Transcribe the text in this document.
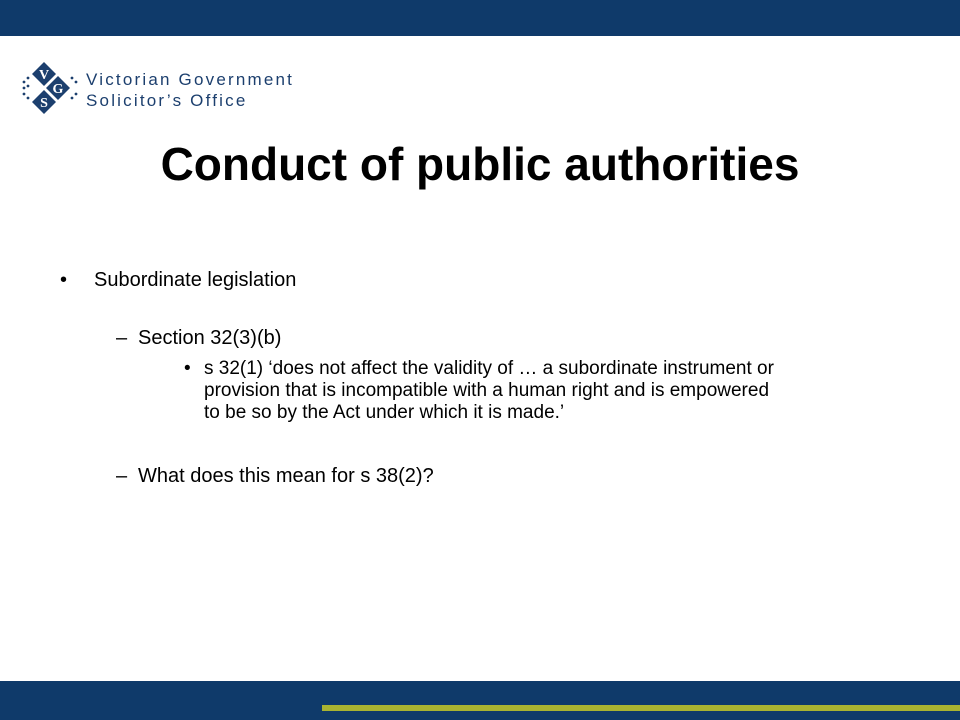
V
G
S
Victorian Government
Solicitor’s Office
Conduct of public authorities
• Subordinate legislation
– Section 32(3)(b)
• s 32(1) ‘does not affect the validity of … a subordinate instrument or
provision that is incompatible with a human right and is empowered
to be so by the Act under which it is made.’
– What does this mean for s 38(2)?
